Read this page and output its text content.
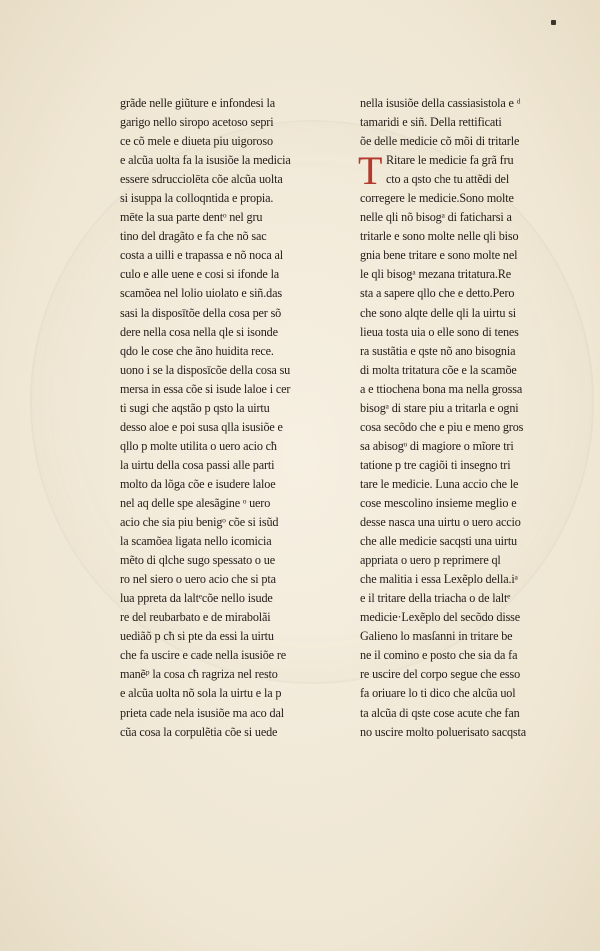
grãde nelle giũture e infondesi la
garigo nello siropo acetoso sepri
ce cõ mele e diueta piu uigoroso
e alcũa uolta fa la isusiõe la medicia
essere sdrucciolēta cõe alcũa uolta
si isuppa la colloqntida e propia.
mēte la sua parte dentᵒ nel gru
tino del dragãto e fa che nõ sac
costa a uilli e trapassa e nõ noca al
culo e alle uene e cosi si ifonde la
scamõea nel lolio uiolato e siñ.das
sasi la disposītõe della cosa per sõ
dere nella cosa nella qle si isonde
qdo le cose che ãno huidita rece.
uono i se la disposīcõe della cosa su
mersa in essa cõe si isude laloe i cer
ti sugi che aqstão p qsto la uirtu
desso aloe e poi susa qlla isusiõe e
qllo p molte utilita o uero acio cħ
la uirtu della cosa passi alle parti
molto da lõga cõe e isudere laloe
nel aq delle spe alesãgine ᵒ uero
acio che sia piu benigᵒ cõe si isũd
la scamõea ligata nello icomicia
mẽto di qlche sugo spessato o ue
ro nel siero o uero acio che si pta
lua ppreta da laltᵉcõe nello isude
re del reubarbato e de mirabolãi
uediãõ p cħ si pte da essi la uirtu
che fa uscire e cade nella isusiõe re
manẽᵖ la cosa cħ ragriza nel resto
e alcũa uolta nõ sola la uirtu e la p
prieta cade nela isusiõe ma aco dal
cũa cosa la corpulẽtia cõe si uede
nella isusiõe della cassiasistola e ᵈ
tamaridi e siñ. Della rettificati
õe delle medicie cõ mõi di tritarle
T Ritare le medicie fa grã fru
cto a qsto che tu attẽdi del
corregere le medicie.Sono molte
nelle qli nõ bisogᵃ di faticharsi a
tritarle e sono molte nelle qli biso
gnia bene tritare e sono molte nel
le qli bisogᵃ mezana tritatura.Re
sta a sapere qllo che e detto.Pero
che sono alqte delle qli la uirtu si
lieua tosta uia o elle sono di tenes
ra sustãtia e qste nõ ano bisognia
di molta tritatura cõe e la scamõe
a e ttiochena bona ma nella grossa
bisogᵃ di stare piu a tritarla e ogni
cosa secõdo che e piu e meno gros
sa abisogᵒ di magiore o mĩore tri
tatione p tre cagiõi ti insegno tri
tare le medicie. Luna accio che le
cose mescolino insieme meglio e
desse nasca una uirtu o uero accio
che alle medicie sacqsti una uirtu
appriata o uero p reprimere ql
che malitia i essa Lexẽplo della.iᵃ
e il tritare della triacha o de laltᵉ
medicie·Lexẽplo del secõdo disse
Galieno lo masſanni in tritare be
ne il comino e posto che sia da fa
re uscire del corpo segue che esso
fa oriuare lo ti dico che alcũa uol
ta alcũa di qste cose acute che fan
no uscire molto poluerisato sacqsta
